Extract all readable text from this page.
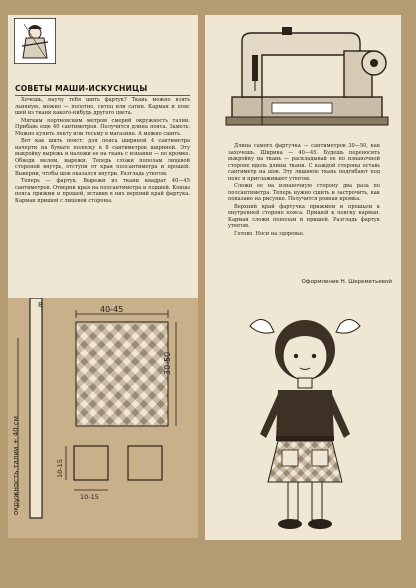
СОВЕТЫ МАШИ-ИСКУСНИЦЫ

Хочешь, научу тебя шить фартук? Ткань можно взять льняную, можно — полотно, ситец или сатин. Карман и пояс шей из ткани какого-нибудь другого цвета.

Мягким портновским метром смерий окружность талии. Прибавь еще 40 сантиметров. Получится длина пояса. Заметь: Можно купить ленту или тесьму в магазине. А можно сшить.

Вот как шить пояст: для пояса шириной 4 сантиметра начерти на бумаге полоску в 8 сантиметров шириной. Эту выкройку вырежь и наложи ее на ткань с изнанки — по кромке. Обведи мелом, вырежи. Теперь сложи пополам лицевой стороной внутрь, отступи от края полсантиметра и прошей. Выверни, чтобы шов оказался внутри. Разгладь утюгом.

Теперь — фартук. Вырежи из ткани квадрат 40—45 сантиметров. Отверни края на полсантиметра и подшей. Концы пояса прижми и прошей, вставив в них верхний край фартука. Карман пришей с лицевой стороны.

Длина самого фартучка — сантиметров 30—50, как захочешь. Ширина — 40—45. Будешь переносить выкройку на ткань — раскладывай ее по изнаночной стороне вдоль длины ткани. С каждой стороны оставь сантиметр на шов. Эту лишнюю ткань подгибают под пояс и приглаживают утюгом.

Сложи ее на изнаночную сторону два раза по полсантиметра. Теперь нужно сшить и застрочить, как показано на рисунке. Получится ровная кромка.

Верхний край фартучка прижмем и прошьем к внутренней стороне пояса. Пришей к пояску карман. Карман сложи пополам и пришей. Разгладь фартук утюгом.

Готово. Носи на здоровье.

Оформление Н. Шереметьевой
8	40-45
30-50
окружность талии + 40 см	10-15
10-15
